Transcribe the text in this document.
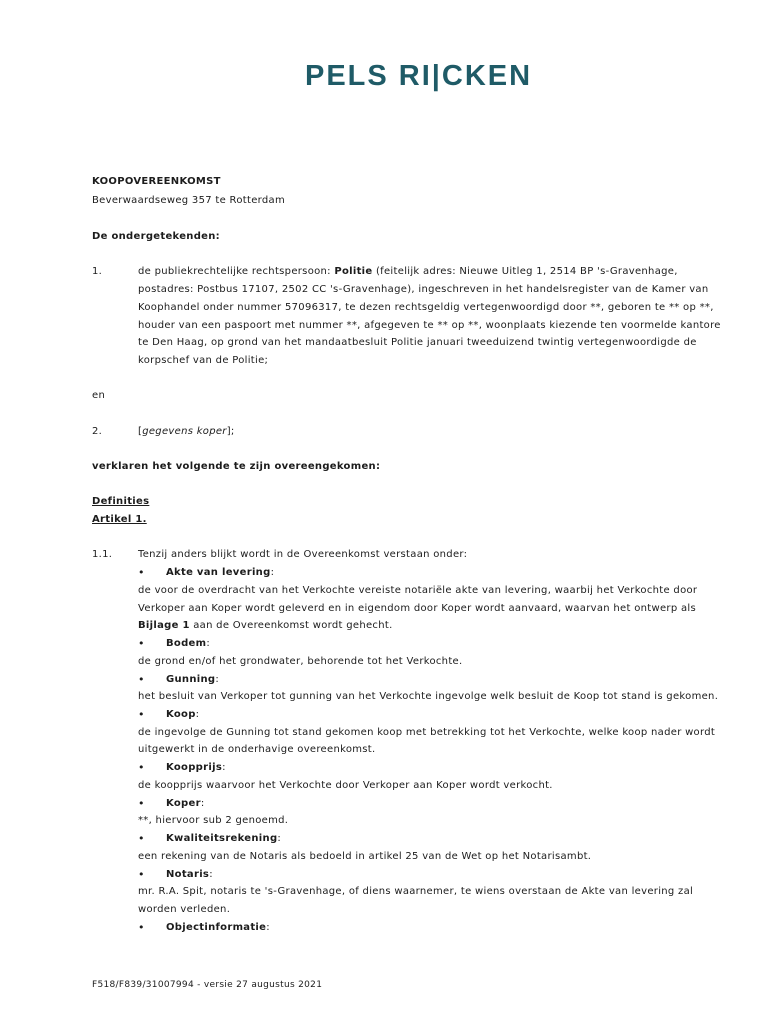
PELS RI|CKEN
KOOPOVEREENKOMST
Beverwaardseweg 357 te Rotterdam
De ondergetekenden:
1.	de publiekrechtelijke rechtspersoon: Politie (feitelijk adres: Nieuwe Uitleg 1, 2514 BP 's-Gravenhage,
postadres: Postbus 17107, 2502 CC 's-Gravenhage), ingeschreven in het handelsregister van de Kamer van
Koophandel onder nummer 57096317, te dezen rechtsgeldig vertegenwoordigd door **, geboren te ** op **,
houder van een paspoort met nummer **, afgegeven te ** op **, woonplaats kiezende ten voormelde kantore
te Den Haag, op grond van het mandaatbesluit Politie januari tweeduizend twintig vertegenwoordigde de
korpschef van de Politie;
en
2.	[gegevens koper];
verklaren het volgende te zijn overeengekomen:
Definities
Artikel 1.
1.1.	Tenzij anders blijkt wordt in de Overeenkomst verstaan onder:
• Akte van levering:
de voor de overdracht van het Verkochte vereiste notariële akte van levering, waarbij het Verkochte door
Verkoper aan Koper wordt geleverd en in eigendom door Koper wordt aanvaard, waarvan het ontwerp als
Bijlage 1 aan de Overeenkomst wordt gehecht.
• Bodem:
de grond en/of het grondwater, behorende tot het Verkochte.
• Gunning:
het besluit van Verkoper tot gunning van het Verkochte ingevolge welk besluit de Koop tot stand is gekomen.
• Koop:
de ingevolge de Gunning tot stand gekomen koop met betrekking tot het Verkochte, welke koop nader wordt
uitgewerkt in de onderhavige overeenkomst.
• Koopprijs:
de koopprijs waarvoor het Verkochte door Verkoper aan Koper wordt verkocht.
• Koper:
**, hiervoor sub 2 genoemd.
• Kwaliteitsrekening:
een rekening van de Notaris als bedoeld in artikel 25 van de Wet op het Notarisambt.
• Notaris:
mr. R.A. Spit, notaris te 's-Gravenhage, of diens waarnemer, te wiens overstaan de Akte van levering zal
worden verleden.
• Objectinformatie:
F518/F839/31007994 - versie 27 augustus 2021
